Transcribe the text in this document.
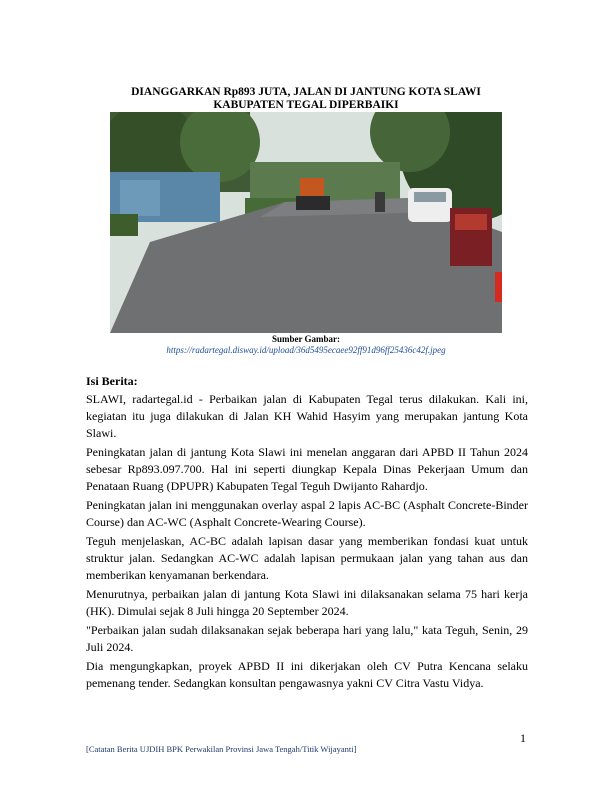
DIANGGARKAN Rp893 JUTA, JALAN DI JANTUNG KOTA SLAWI
KABUPATEN TEGAL DIPERBAIKI
Sumber Gambar:
https://radartegal.disway.id/upload/36d5495ecaee92ff91d96ff25436c42f.jpeg
Isi Berita:

SLAWI, radartegal.id - Perbaikan jalan di Kabupaten Tegal terus dilakukan. Kali ini, kegiatan itu juga dilakukan di Jalan KH Wahid Hasyim yang merupakan jantung Kota Slawi.

Peningkatan jalan di jantung Kota Slawi ini menelan anggaran dari APBD II Tahun 2024 sebesar Rp893.097.700. Hal ini seperti diungkap Kepala Dinas Pekerjaan Umum dan Penataan Ruang (DPUPR) Kabupaten Tegal Teguh Dwijanto Rahardjo.

Peningkatan jalan ini menggunakan overlay aspal 2 lapis AC-BC (Asphalt Concrete-Binder Course) dan AC-WC (Asphalt Concrete-Wearing Course).

Teguh menjelaskan, AC-BC adalah lapisan dasar yang memberikan fondasi kuat untuk struktur jalan. Sedangkan AC-WC adalah lapisan permukaan jalan yang tahan aus dan memberikan kenyamanan berkendara.

Menurutnya, perbaikan jalan di jantung Kota Slawi ini dilaksanakan selama 75 hari kerja (HK). Dimulai sejak 8 Juli hingga 20 September 2024.

"Perbaikan jalan sudah dilaksanakan sejak beberapa hari yang lalu," kata Teguh, Senin, 29 Juli 2024.

Dia mengungkapkan, proyek APBD II ini dikerjakan oleh CV Putra Kencana selaku pemenang tender. Sedangkan konsultan pengawasnya yakni CV Citra Vastu Vidya.

1
[Catatan Berita UJDIH BPK Perwakilan Provinsi Jawa Tengah/Titik Wijayanti]
